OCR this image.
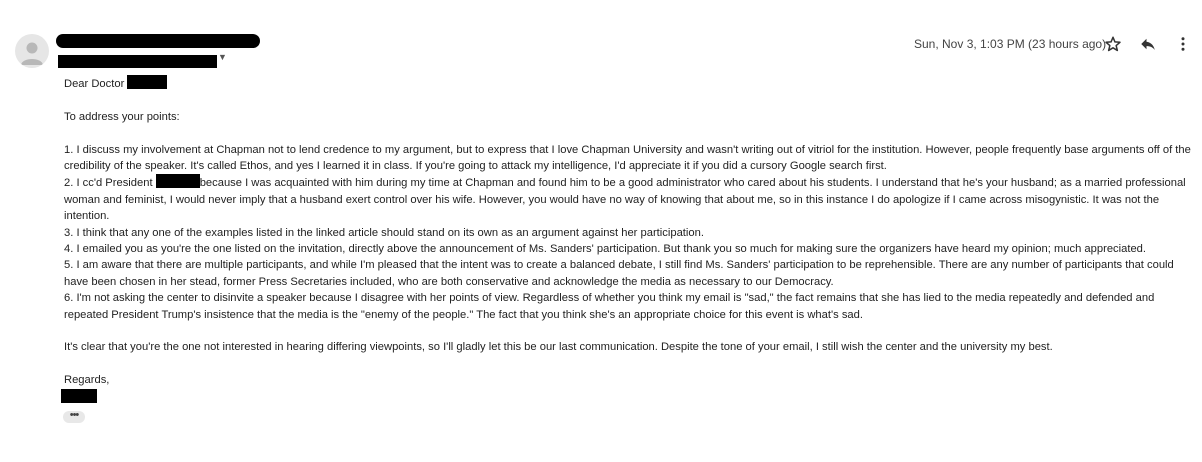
▼
Sun, Nov 3, 1:03 PM (23 hours ago)

Dear Doctor

To address your points:

1. I discuss my involvement at Chapman not to lend credence to my argument, but to express that I love Chapman University and wasn't writing out of vitriol for the institution. However, people frequently base arguments off of the credibility of the speaker. It's called Ethos, and yes I learned it in class. If you're going to attack my intelligence, I'd appreciate it if you did a cursory Google search first.

2. I cc'd President	because I was acquainted with him during my time at Chapman and found him to be a good administrator who cared about his students. I understand that he's your husband; as a married professional woman and feminist, I would never imply that a husband exert control over his wife. However, you would have no way of knowing that about me, so in this instance I do apologize if I came across misogynistic. It was not the intention.

3. I think that any one of the examples listed in the linked article should stand on its own as an argument against her participation.

4. I emailed you as you're the one listed on the invitation, directly above the announcement of Ms. Sanders' participation. But thank you so much for making sure the organizers have heard my opinion; much appreciated.

5. I am aware that there are multiple participants, and while I'm pleased that the intent was to create a balanced debate, I still find Ms. Sanders' participation to be reprehensible. There are any number of participants that could have been chosen in her stead, former Press Secretaries included, who are both conservative and acknowledge the media as necessary to our Democracy.

6. I'm not asking the center to disinvite a speaker because I disagree with her points of view. Regardless of whether you think my email is "sad," the fact remains that she has lied to the media repeatedly and defended and repeated President Trump's insistence that the media is the "enemy of the people." The fact that you think she's an appropriate choice for this event is what's sad.

It's clear that you're the one not interested in hearing differing viewpoints, so I'll gladly let this be our last communication. Despite the tone of your email, I still wish the center and the university my best.

Regards,

•••
